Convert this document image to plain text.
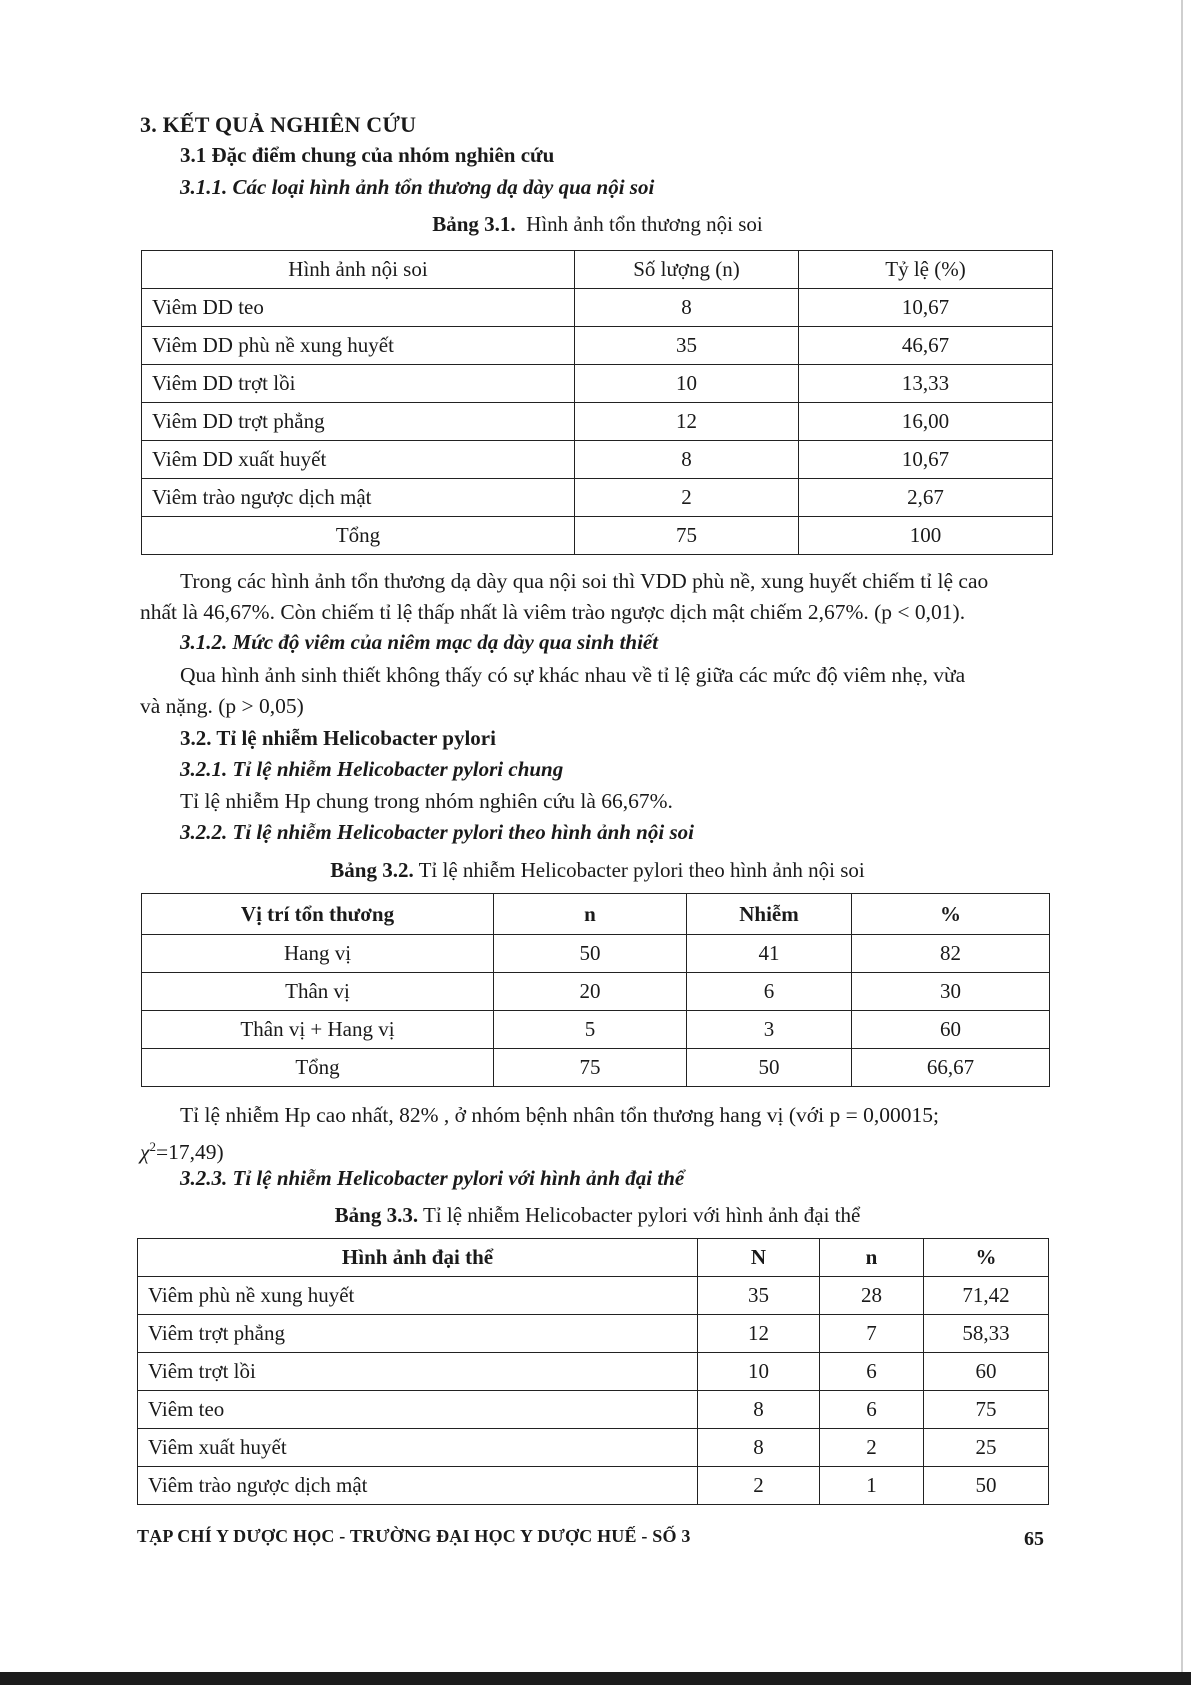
3. KẾT QUẢ NGHIÊN CỨU
3.1 Đặc điểm chung của nhóm nghiên cứu
3.1.1. Các loại hình ảnh tổn thương dạ dày qua nội soi
Bảng 3.1. Hình ảnh tổn thương nội soi
Hình ảnh nội soi	Số lượng (n)	Tỷ lệ (%)
Viêm DD teo	8	10,67
Viêm DD phù nề xung huyết	35	46,67
Viêm DD trợt lồi	10	13,33
Viêm DD trợt phẳng	12	16,00
Viêm DD xuất huyết	8	10,67
Viêm trào ngược dịch mật	2	2,67
Tổng	75	100
Trong các hình ảnh tổn thương dạ dày qua nội soi thì VDD phù nề, xung huyết chiếm tỉ lệ cao
nhất là 46,67%. Còn chiếm tỉ lệ thấp nhất là viêm trào ngược dịch mật chiếm 2,67%. (p < 0,01).
3.1.2. Mức độ viêm của niêm mạc dạ dày qua sinh thiết
Qua hình ảnh sinh thiết không thấy có sự khác nhau về tỉ lệ giữa các mức độ viêm nhẹ, vừa
và nặng. (p > 0,05)
3.2. Tỉ lệ nhiễm Helicobacter pylori
3.2.1. Tỉ lệ nhiễm Helicobacter pylori chung
Tỉ lệ nhiễm Hp chung trong nhóm nghiên cứu là 66,67%.
3.2.2. Tỉ lệ nhiễm Helicobacter pylori theo hình ảnh nội soi
Bảng 3.2. Tỉ lệ nhiễm Helicobacter pylori theo hình ảnh nội soi
Vị trí tổn thương	n	Nhiễm	%
Hang vị	50	41	82
Thân vị	20	6	30
Thân vị + Hang vị	5	3	60
Tổng	75	50	66,67
Tỉ lệ nhiễm Hp cao nhất, 82% , ở nhóm bệnh nhân tổn thương hang vị (với p = 0,00015;
$\chi^2=17,49$)
3.2.3. Tỉ lệ nhiễm Helicobacter pylori với hình ảnh đại thể
Bảng 3.3. Tỉ lệ nhiễm Helicobacter pylori với hình ảnh đại thể
Hình ảnh đại thể	N	n	%
Viêm phù nề xung huyết	35	28	71,42
Viêm trợt phẳng	12	7	58,33
Viêm trợt lồi	10	6	60
Viêm teo	8	6	75
Viêm xuất huyết	8	2	25
Viêm trào ngược dịch mật	2	1	50
TẠP CHÍ Y DƯỢC HỌC - TRƯỜNG ĐẠI HỌC Y DƯỢC HUẾ - SỐ 3	65
